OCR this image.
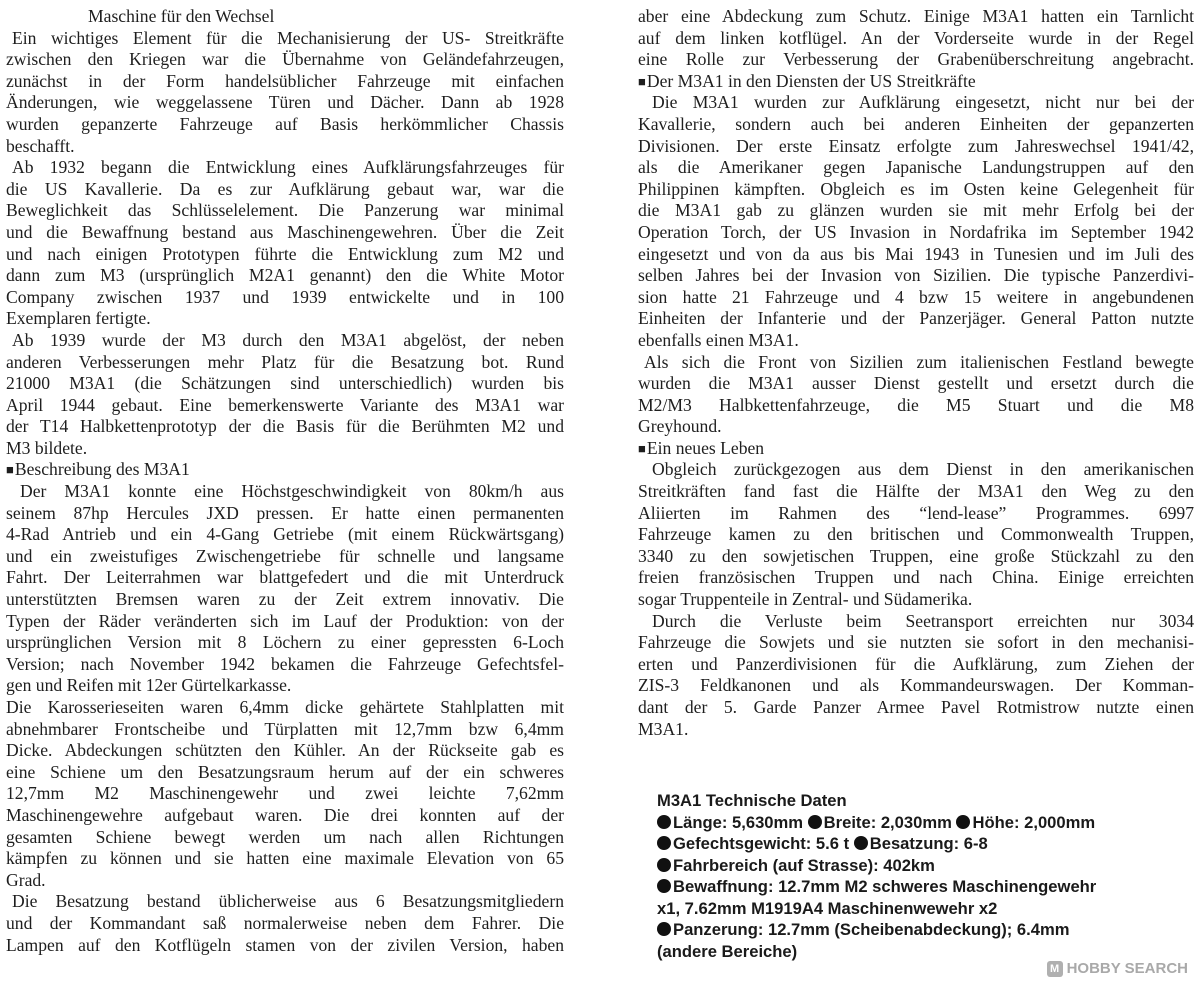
Maschine für den Wechsel
Ein wichtiges Element für die Mechanisierung der US- Streitkräfte
zwischen den Kriegen war die Übernahme von Geländefahrzeugen,
zunächst in der Form handelsüblicher Fahrzeuge mit einfachen
Änderungen, wie weggelassene Türen und Dächer. Dann ab 1928
wurden gepanzerte Fahrzeuge auf Basis herkömmlicher Chassis
beschafft.
Ab 1932 begann die Entwicklung eines Aufklärungsfahrzeuges für
die US Kavallerie. Da es zur Aufklärung gebaut war, war die
Beweglichkeit das Schlüsselelement. Die Panzerung war minimal
und die Bewaffnung bestand aus Maschinengewehren. Über die Zeit
und nach einigen Prototypen führte die Entwicklung zum M2 und
dann zum M3 (ursprünglich M2A1 genannt) den die White Motor
Company zwischen 1937 und 1939 entwickelte und in 100
Exemplaren fertigte.
Ab 1939 wurde der M3 durch den M3A1 abgelöst, der neben
anderen Verbesserungen mehr Platz für die Besatzung bot. Rund
21000 M3A1 (die Schätzungen sind unterschiedlich) wurden bis
April 1944 gebaut. Eine bemerkenswerte Variante des M3A1 war
der T14 Halbkettenprototyp der die Basis für die Berühmten M2 und
M3 bildete.
■Beschreibung des M3A1
Der M3A1 konnte eine Höchstgeschwindigkeit von 80km/h aus
seinem 87hp Hercules JXD pressen. Er hatte einen permanenten
4-Rad Antrieb und ein 4-Gang Getriebe (mit einem Rückwärtsgang)
und ein zweistufiges Zwischengetriebe für schnelle und langsame
Fahrt. Der Leiterrahmen war blattgefedert und die mit Unterdruck
unterstützten Bremsen waren zu der Zeit extrem innovativ. Die
Typen der Räder veränderten sich im Lauf der Produktion: von der
ursprünglichen Version mit 8 Löchern zu einer gepressten 6-Loch
Version; nach November 1942 bekamen die Fahrzeuge Gefechtsfel-
gen und Reifen mit 12er Gürtelkarkasse.
Die Karosserieseiten waren 6,4mm dicke gehärtete Stahlplatten mit
abnehmbarer Frontscheibe und Türplatten mit 12,7mm bzw 6,4mm
Dicke. Abdeckungen schützten den Kühler. An der Rückseite gab es
eine Schiene um den Besatzungsraum herum auf der ein schweres
12,7mm M2 Maschinengewehr und zwei leichte 7,62mm
Maschinengewehre aufgebaut waren. Die drei konnten auf der
gesamten Schiene bewegt werden um nach allen Richtungen
kämpfen zu können und sie hatten eine maximale Elevation von 65
Grad.
Die Besatzung bestand üblicherweise aus 6 Besatzungsmitgliedern
und der Kommandant saß normalerweise neben dem Fahrer. Die
Lampen auf den Kotflügeln stamen von der zivilen Version, haben
aber eine Abdeckung zum Schutz. Einige M3A1 hatten ein Tarnlicht
auf dem linken kotflügel. An der Vorderseite wurde in der Regel
eine Rolle zur Verbesserung der Grabenüberschreitung angebracht.
■Der M3A1 in den Diensten der US Streitkräfte
Die M3A1 wurden zur Aufklärung eingesetzt, nicht nur bei der
Kavallerie, sondern auch bei anderen Einheiten der gepanzerten
Divisionen. Der erste Einsatz erfolgte zum Jahreswechsel 1941/42,
als die Amerikaner gegen Japanische Landungstruppen auf den
Philippinen kämpften. Obgleich es im Osten keine Gelegenheit für
die M3A1 gab zu glänzen wurden sie mit mehr Erfolg bei der
Operation Torch, der US Invasion in Nordafrika im September 1942
eingesetzt und von da aus bis Mai 1943 in Tunesien und im Juli des
selben Jahres bei der Invasion von Sizilien. Die typische Panzerdivi-
sion hatte 21 Fahrzeuge und 4 bzw 15 weitere in angebundenen
Einheiten der Infanterie und der Panzerjäger. General Patton nutzte
ebenfalls einen M3A1.
Als sich die Front von Sizilien zum italienischen Festland bewegte
wurden die M3A1 ausser Dienst gestellt und ersetzt durch die
M2/M3 Halbkettenfahrzeuge, die M5 Stuart und die M8
Greyhound.
■Ein neues Leben
Obgleich zurückgezogen aus dem Dienst in den amerikanischen
Streitkräften fand fast die Hälfte der M3A1 den Weg zu den
Aliierten im Rahmen des “lend-lease” Programmes. 6997
Fahrzeuge kamen zu den britischen und Commonwealth Truppen,
3340 zu den sowjetischen Truppen, eine große Stückzahl zu den
freien französischen Truppen und nach China. Einige erreichten
sogar Truppenteile in Zentral- und Südamerika.
Durch die Verluste beim Seetransport erreichten nur 3034
Fahrzeuge die Sowjets und sie nutzten sie sofort in den mechanisi-
erten und Panzerdivisionen für die Aufklärung, zum Ziehen der
ZIS-3 Feldkanonen und als Kommandeurswagen. Der Komman-
dant der 5. Garde Panzer Armee Pavel Rotmistrow nutzte einen
M3A1.
M3A1 Technische Daten
Länge: 5,630mm Breite: 2,030mm Höhe: 2,000mm
Gefechtsgewicht: 5.6 t Besatzung: 6-8
Fahrbereich (auf Strasse): 402km
Bewaffnung: 12.7mm M2 schweres Maschinengewehr
x1, 7.62mm M1919A4 Maschinenwewehr x2
Panzerung: 12.7mm (Scheibenabdeckung); 6.4mm
(andere Bereiche)
M HOBBY SEARCH
